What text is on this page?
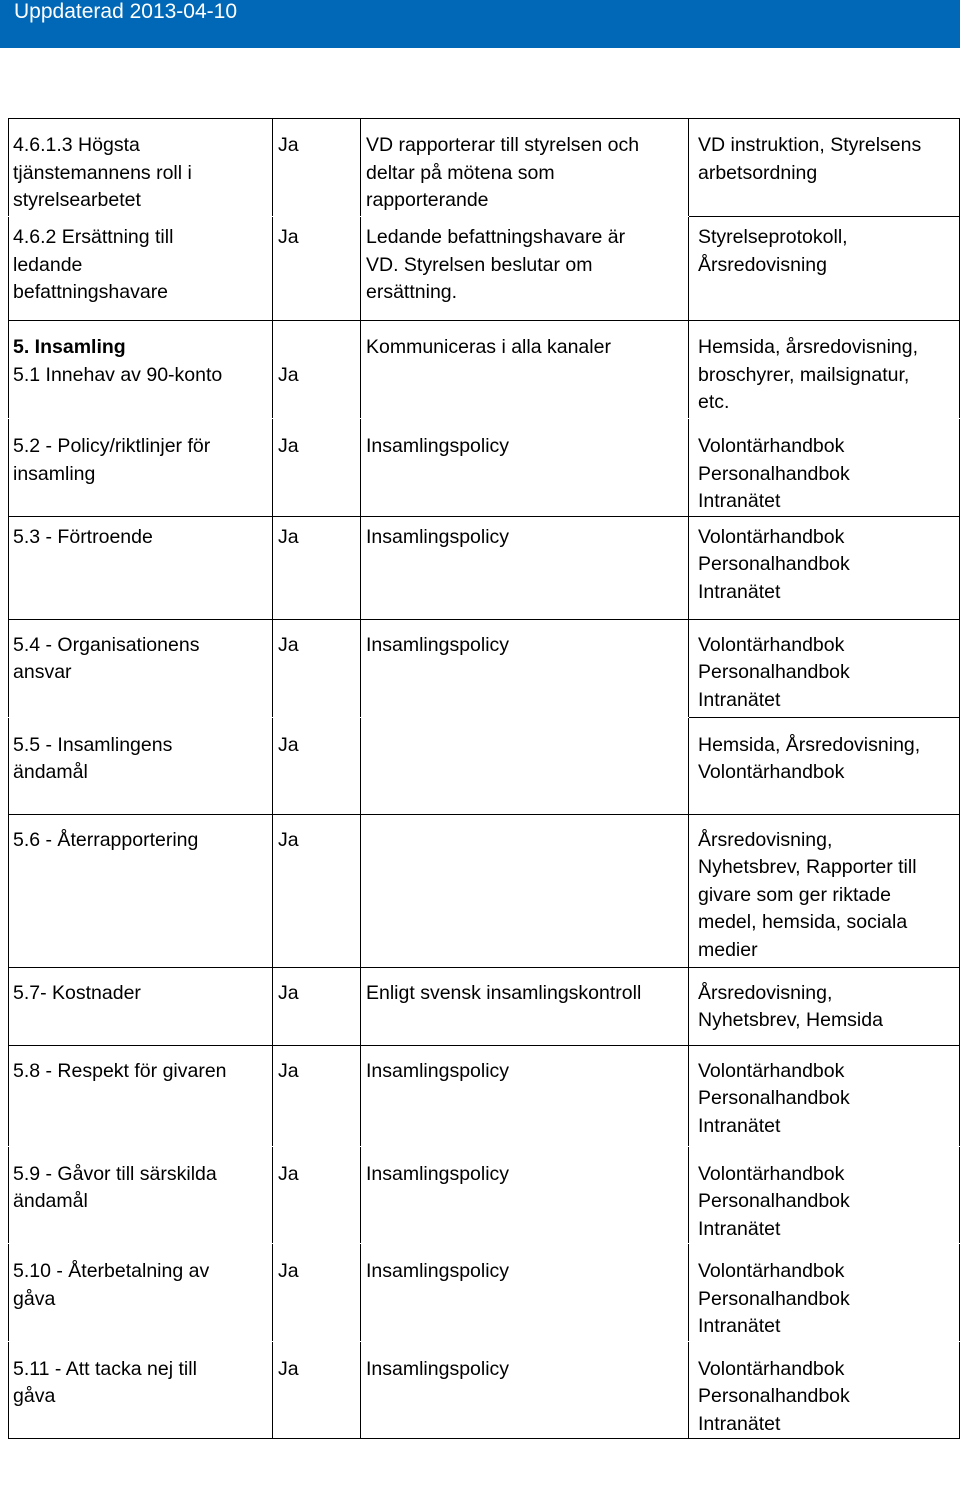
Uppdaterad 2013-04-10
4.6.1.3 Högsta
tjänstemannens roll i
styrelsearbetet	Ja	VD rapporterar till styrelsen och
deltar på mötena som
rapporterande	VD instruktion, Styrelsens
arbetsordning

4.6.2 Ersättning till
ledande
befattningshavare	Ja	Ledande befattningshavare är
VD. Styrelsen beslutar om
ersättning.	Styrelseprotokoll,
Årsredovisning

5. Insamling
5.1 Innehav av 90-konto	Ja	Kommuniceras i alla kanaler	Hemsida, årsredovisning,
broschyrer, mailsignatur,
etc.

5.2 - Policy/riktlinjer för
insamling	Ja	Insamlingspolicy	Volontärhandbok
Personalhandbok
Intranätet

5.3 - Förtroende	Ja	Insamlingspolicy	Volontärhandbok
Personalhandbok
Intranätet

5.4 - Organisationens
ansvar	Ja	Insamlingspolicy	Volontärhandbok
Personalhandbok
Intranätet

5.5 - Insamlingens
ändamål	Ja		Hemsida, Årsredovisning,
Volontärhandbok

5.6 - Återrapportering	Ja		Årsredovisning,
Nyhetsbrev, Rapporter till
givare som ger riktade
medel, hemsida, sociala
medier

5.7- Kostnader	Ja	Enligt svensk insamlingskontroll	Årsredovisning,
Nyhetsbrev, Hemsida

5.8 - Respekt för givaren	Ja	Insamlingspolicy	Volontärhandbok
Personalhandbok
Intranätet

5.9 - Gåvor till särskilda
ändamål	Ja	Insamlingspolicy	Volontärhandbok
Personalhandbok
Intranätet

5.10 - Återbetalning av
gåva	Ja	Insamlingspolicy	Volontärhandbok
Personalhandbok
Intranätet

5.11 - Att tacka nej till
gåva	Ja	Insamlingspolicy	Volontärhandbok
Personalhandbok
Intranätet
